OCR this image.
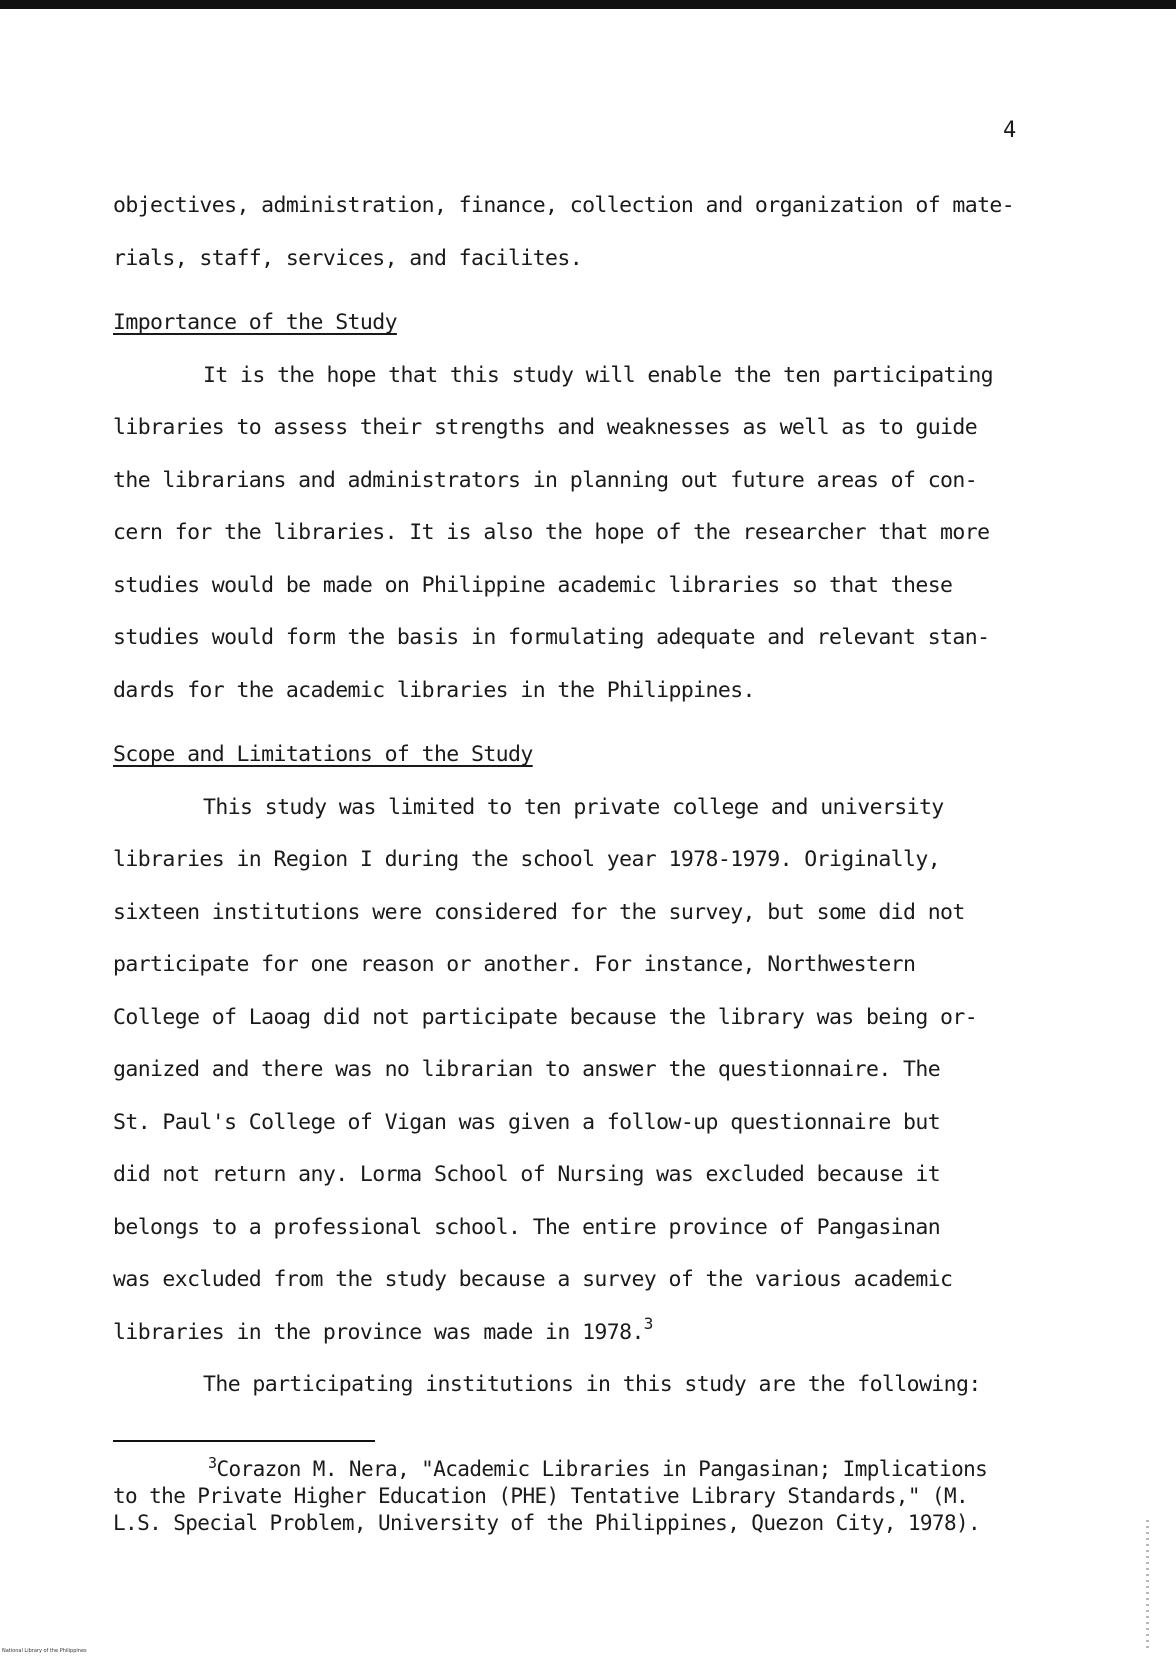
4
objectives, administration, finance, collection and organization of mate-
rials, staff, services, and facilites.
Importance of the Study
It is the hope that this study will enable the ten participating
libraries to assess their strengths and weaknesses as well as to guide
the librarians and administrators in planning out future areas of con-
cern for the libraries. It is also the hope of the researcher that more
studies would be made on Philippine academic libraries so that these
studies would form the basis in formulating adequate and relevant stan-
dards for the academic libraries in the Philippines.
Scope and Limitations of the Study
This study was limited to ten private college and university
libraries in Region I during the school year 1978-1979. Originally,
sixteen institutions were considered for the survey, but some did not
participate for one reason or another. For instance, Northwestern
College of Laoag did not participate because the library was being or-
ganized and there was no librarian to answer the questionnaire. The
St. Paul's College of Vigan was given a follow-up questionnaire but
did not return any. Lorma School of Nursing was excluded because it
belongs to a professional school. The entire province of Pangasinan
was excluded from the study because a survey of the various academic
libraries in the province was made in 1978.$^3$
The participating institutions in this study are the following:
$^3$Corazon M. Nera, "Academic Libraries in Pangasinan; Implications
to the Private Higher Education (PHE) Tentative Library Standards," (M.
L.S. Special Problem, University of the Philippines, Quezon City, 1978).
National Library of the Philippines
